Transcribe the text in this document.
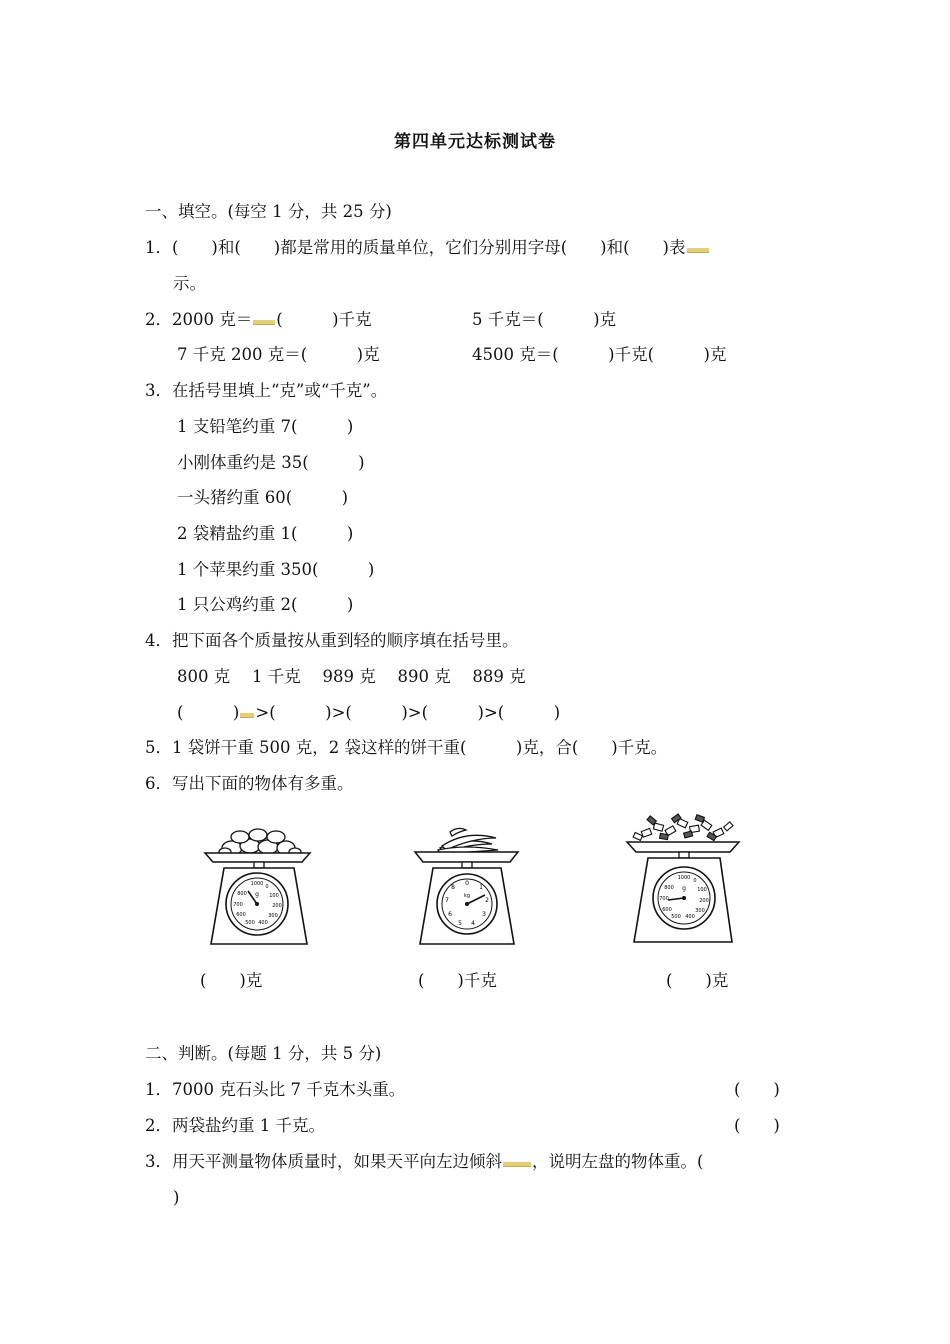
第四单元达标测试卷
一、填空。(每空 1 分，共 25 分)
1．(　　)和(　　)都是常用的质量单位，它们分别用字母(　　)和(　　)表
示。
2．2000 克＝ (　　　)千克	5 千克＝(　　　)克
7 千克 200 克＝(　　　)克	4500 克＝(　　　)千克(　　　)克
3．在括号里填上“克”或“千克”。
1 支铅笔约重 7(　　　)
小刚体重约是 35(　　　)
一头猪约重 60(　　　)
2 袋精盐约重 1(　　　)
1 个苹果约重 350(　　　)
1 只公鸡约重 2(　　　)
4．把下面各个质量按从重到轻的顺序填在括号里。
800 克　 1 千克　 989 克　 890 克　 889 克
(　　　) >(　　　)>(　　　)>(　　　)>(　　　)
5．1 袋饼干重 500 克，2 袋这样的饼干重(　　　)克，合(　　)千克。
6．写出下面的物体有多重。
1000 0
100
200
300
400
500
600
700
800 g
0
1
2
3
4
5
6
7
8
kg
1000 0
100
200
300
400
500
600
700
800 g
(　　)克	(　　)千克	(　　)克
二、判断。(每题 1 分，共 5 分)
1．7000 克石头比 7 千克木头重。	(　　)
2．两袋盐约重 1 千克。	(　　)
3．用天平测量物体质量时，如果天平向左边倾斜 ，说明左盘的物体重。(
)
